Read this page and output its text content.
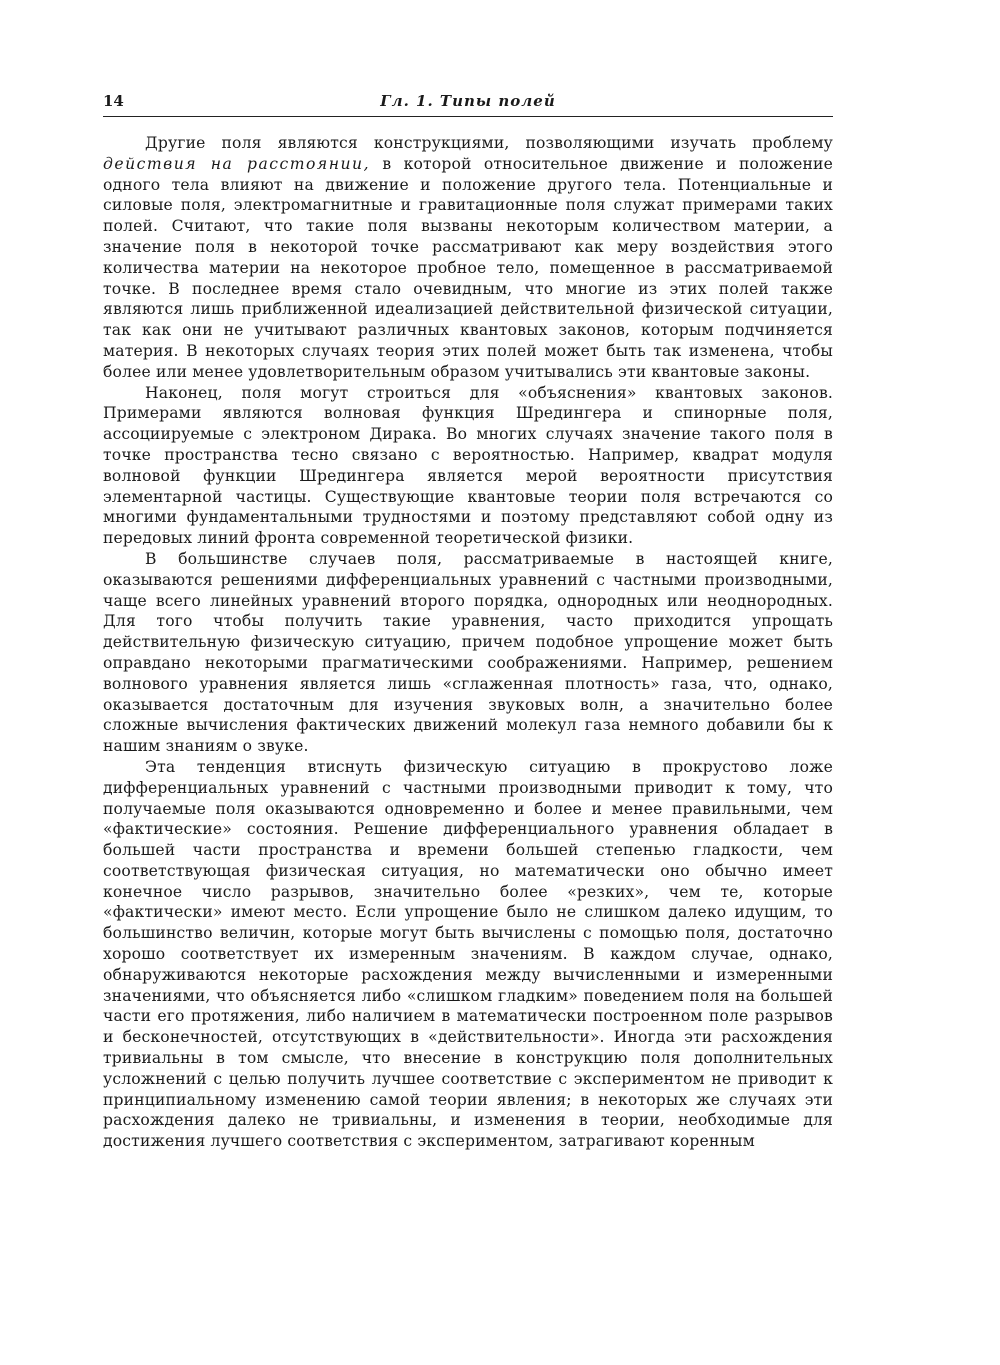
14	Гл. 1. Типы полей

Другие поля являются конструкциями, позволяющими изучать проблему действия на расстоянии, в которой относительное движение и положение одного тела влияют на движение и положение другого тела. Потенциальные и силовые поля, электромагнитные и гравитационные поля служат примерами таких полей. Считают, что такие поля вызваны некоторым количеством материи, а значение поля в некоторой точке рассматривают как меру воздействия этого количества материи на некоторое пробное тело, помещенное в рассматриваемой точке. В последнее время стало очевидным, что многие из этих полей также являются лишь приближенной идеализацией действительной физической ситуации, так как они не учитывают различных квантовых законов, которым подчиняется материя. В некоторых случаях теория этих полей может быть так изменена, чтобы более или менее удовлетворительным образом учитывались эти квантовые законы.

Наконец, поля могут строиться для «объяснения» квантовых законов. Примерами являются волновая функция Шредингера и спинорные поля, ассоциируемые с электроном Дирака. Во многих случаях значение такого поля в точке пространства тесно связано с вероятностью. Например, квадрат модуля волновой функции Шредингера является мерой вероятности присутствия элементарной частицы. Существующие квантовые теории поля встречаются со многими фундаментальными трудностями и поэтому представляют собой одну из передовых линий фронта современной теоретической физики.

В большинстве случаев поля, рассматриваемые в настоящей книге, оказываются решениями дифференциальных уравнений с частными производными, чаще всего линейных уравнений второго порядка, однородных или неоднородных. Для того чтобы получить такие уравнения, часто приходится упрощать действительную физическую ситуацию, причем подобное упрощение может быть оправдано некоторыми прагматическими соображениями. Например, решением волнового уравнения является лишь «сглаженная плотность» газа, что, однако, оказывается достаточным для изучения звуковых волн, а значительно более сложные вычисления фактических движений молекул газа немного добавили бы к нашим знаниям о звуке.

Эта тенденция втиснуть физическую ситуацию в прокрустово ложе дифференциальных уравнений с частными производными приводит к тому, что получаемые поля оказываются одновременно и более и менее правильными, чем «фактические» состояния. Решение дифференциального уравнения обладает в большей части пространства и времени большей степенью гладкости, чем соответствующая физическая ситуация, но математически оно обычно имеет конечное число разрывов, значительно более «резких», чем те, которые «фактически» имеют место. Если упрощение было не слишком далеко идущим, то большинство величин, которые могут быть вычислены с помощью поля, достаточно хорошо соответствует их измеренным значениям. В каждом случае, однако, обнаруживаются некоторые расхождения между вычисленными и измеренными значениями, что объясняется либо «слишком гладким» поведением поля на большей части его протяжения, либо наличием в математически построенном поле разрывов и бесконечностей, отсутствующих в «действительности». Иногда эти расхождения тривиальны в том смысле, что внесение в конструкцию поля дополнительных усложнений с целью получить лучшее соответствие с экспериментом не приводит к принципиальному изменению самой теории явления; в некоторых же случаях эти расхождения далеко не тривиальны, и изменения в теории, необходимые для достижения лучшего соответствия с экспериментом, затрагивают коренным
